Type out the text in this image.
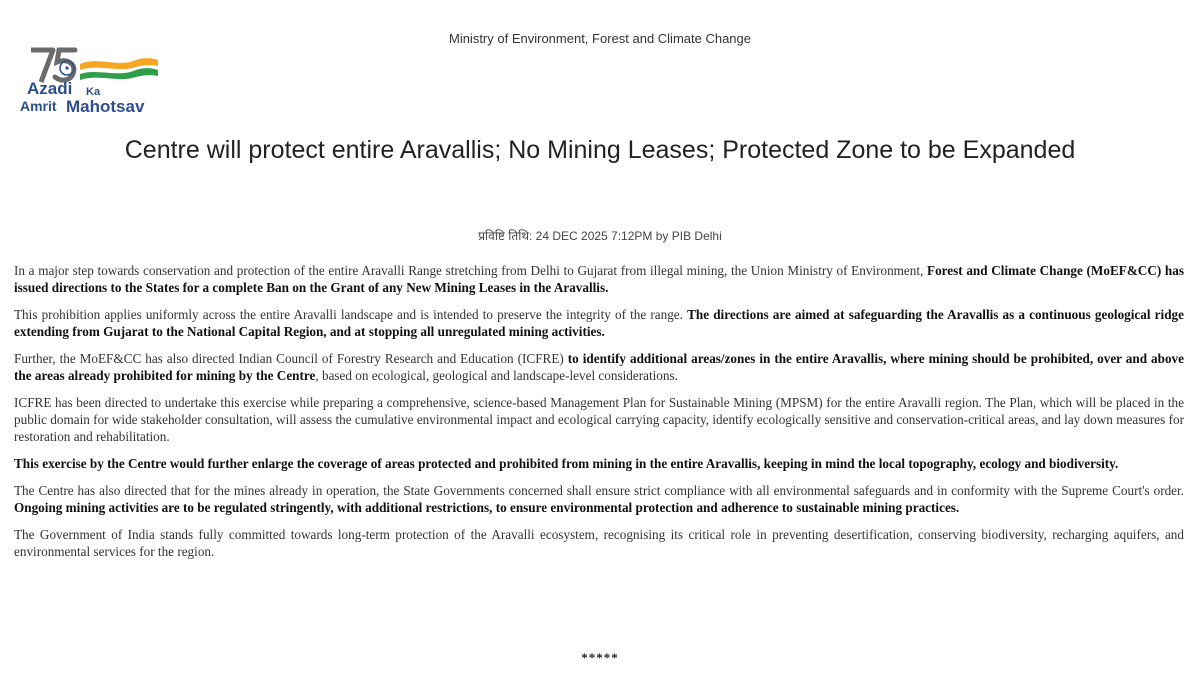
Ministry of Environment, Forest and Climate Change
Azadi Ka
Amrit Mahotsav
Centre will protect entire Aravallis; No Mining Leases; Protected Zone to be Expanded
प्रविष्टि तिथि: 24 DEC 2025 7:12PM by PIB Delhi

In a major step towards conservation and protection of the entire Aravalli Range stretching from Delhi to Gujarat from illegal mining, the Union Ministry of Environment, Forest and Climate Change (MoEF&CC) has issued directions to the States for a complete Ban on the Grant of any New Mining Leases in the Aravallis.

This prohibition applies uniformly across the entire Aravalli landscape and is intended to preserve the integrity of the range. The directions are aimed at safeguarding the Aravallis as a continuous geological ridge extending from Gujarat to the National Capital Region, and at stopping all unregulated mining activities.

Further, the MoEF&CC has also directed Indian Council of Forestry Research and Education (ICFRE) to identify additional areas/zones in the entire Aravallis, where mining should be prohibited, over and above the areas already prohibited for mining by the Centre, based on ecological, geological and landscape-level considerations.

ICFRE has been directed to undertake this exercise while preparing a comprehensive, science-based Management Plan for Sustainable Mining (MPSM) for the entire Aravalli region. The Plan, which will be placed in the public domain for wide stakeholder consultation, will assess the cumulative environmental impact and ecological carrying capacity, identify ecologically sensitive and conservation-critical areas, and lay down measures for restoration and rehabilitation.

This exercise by the Centre would further enlarge the coverage of areas protected and prohibited from mining in the entire Aravallis, keeping in mind the local topography, ecology and biodiversity.

The Centre has also directed that for the mines already in operation, the State Governments concerned shall ensure strict compliance with all environmental safeguards and in conformity with the Supreme Court's order. Ongoing mining activities are to be regulated stringently, with additional restrictions, to ensure environmental protection and adherence to sustainable mining practices.

The Government of India stands fully committed towards long-term protection of the Aravalli ecosystem, recognising its critical role in preventing desertification, conserving biodiversity, recharging aquifers, and environmental services for the region.

*****
